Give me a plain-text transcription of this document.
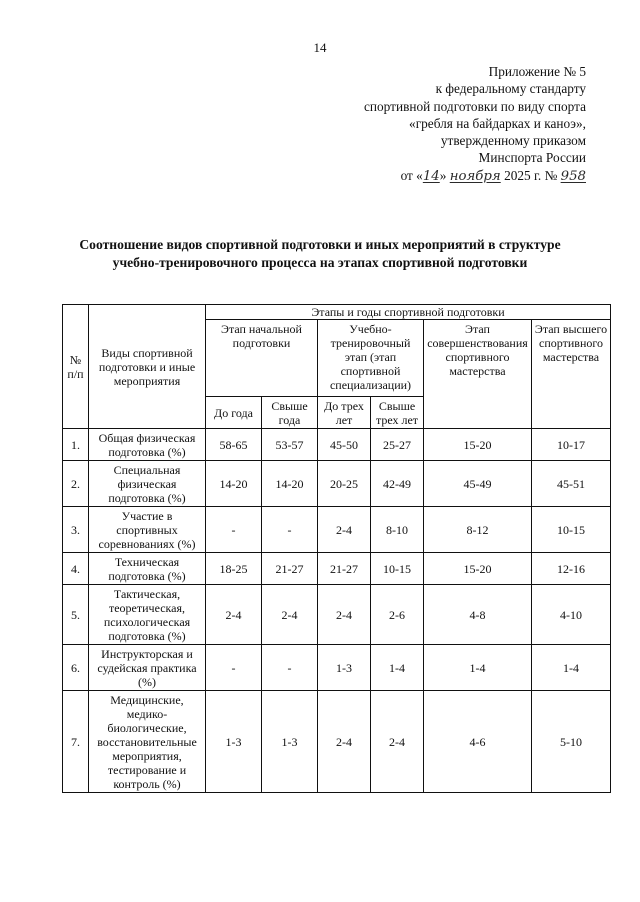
14
Приложение № 5
к федеральному стандарту
спортивной подготовки по виду спорта
«гребля на байдарках и каноэ»,
утвержденному приказом
Минспорта России
от «14» ноября 2025 г. № 958
Соотношение видов спортивной подготовки и иных мероприятий в структуре
учебно-тренировочного процесса на этапах спортивной подготовки
№ п/п	Виды спортивной подготовки и иные мероприятия	Этапы и годы спортивной подготовки					
		Этап начальной подготовки		Учебно-тренировочный этап (этап спортивной специализации)		Этап совершенствования спортивного мастерства	Этап высшего спортивного мастерства
		До года	Свыше года	До трех лет	Свыше трех лет		
1.	Общая физическая подготовка (%)	58-65	53-57	45-50	25-27	15-20	10-17
2.	Специальная физическая подготовка (%)	14-20	14-20	20-25	42-49	45-49	45-51
3.	Участие в спортивных соревнованиях (%)	-	-	2-4	8-10	8-12	10-15
4.	Техническая подготовка (%)	18-25	21-27	21-27	10-15	15-20	12-16
5.	Тактическая, теоретическая, психологическая подготовка (%)	2-4	2-4	2-4	2-6	4-8	4-10
6.	Инструкторская и судейская практика (%)	-	-	1-3	1-4	1-4	1-4
7.	Медицинские, медико-биологические, восстановительные мероприятия, тестирование и контроль (%)	1-3	1-3	2-4	2-4	4-6	5-10
